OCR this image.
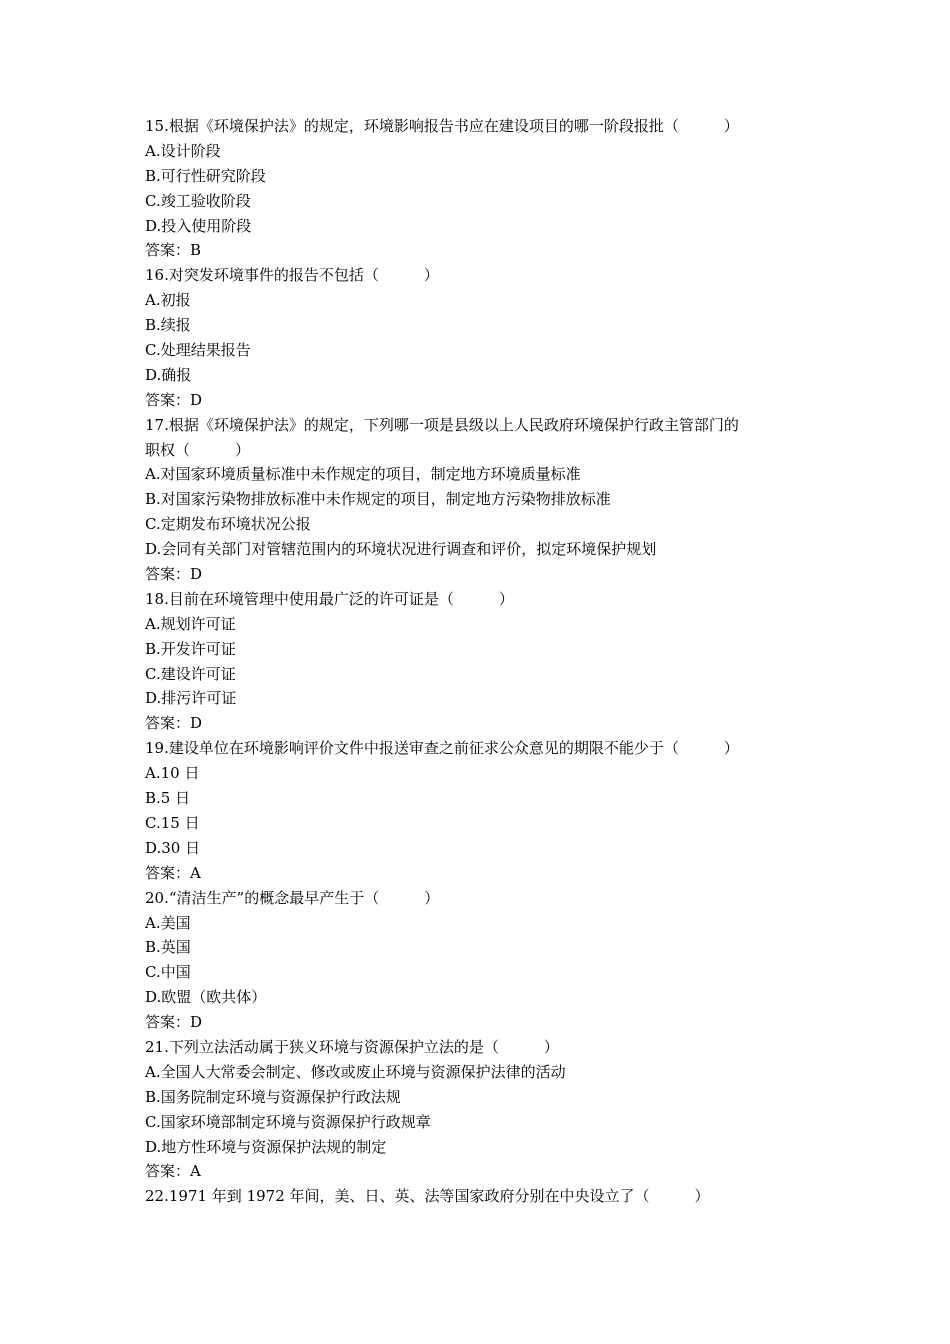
15.根据《环境保护法》的规定，环境影响报告书应在建设项目的哪一阶段报批（　　　）
A.设计阶段
B.可行性研究阶段
C.竣工验收阶段
D.投入使用阶段
答案：B
16.对突发环境事件的报告不包括（　　　）
A.初报
B.续报
C.处理结果报告
D.确报
答案：D
17.根据《环境保护法》的规定，下列哪一项是县级以上人民政府环境保护行政主管部门的
职权（　　　）
A.对国家环境质量标准中未作规定的项目，制定地方环境质量标准
B.对国家污染物排放标准中未作规定的项目，制定地方污染物排放标准
C.定期发布环境状况公报
D.会同有关部门对管辖范围内的环境状况进行调查和评价，拟定环境保护规划
答案：D
18.目前在环境管理中使用最广泛的许可证是（　　　）
A.规划许可证
B.开发许可证
C.建设许可证
D.排污许可证
答案：D
19.建设单位在环境影响评价文件中报送审查之前征求公众意见的期限不能少于（　　　）
A.10 日
B.5 日
C.15 日
D.30 日
答案：A
20.“清洁生产”的概念最早产生于（　　　）
A.美国
B.英国
C.中国
D.欧盟（欧共体）
答案：D
21.下列立法活动属于狭义环境与资源保护立法的是（　　　）
A.全国人大常委会制定、修改或废止环境与资源保护法律的活动
B.国务院制定环境与资源保护行政法规
C.国家环境部制定环境与资源保护行政规章
D.地方性环境与资源保护法规的制定
答案：A
22.1971 年到 1972 年间，美、日、英、法等国家政府分别在中央设立了（　　　）
